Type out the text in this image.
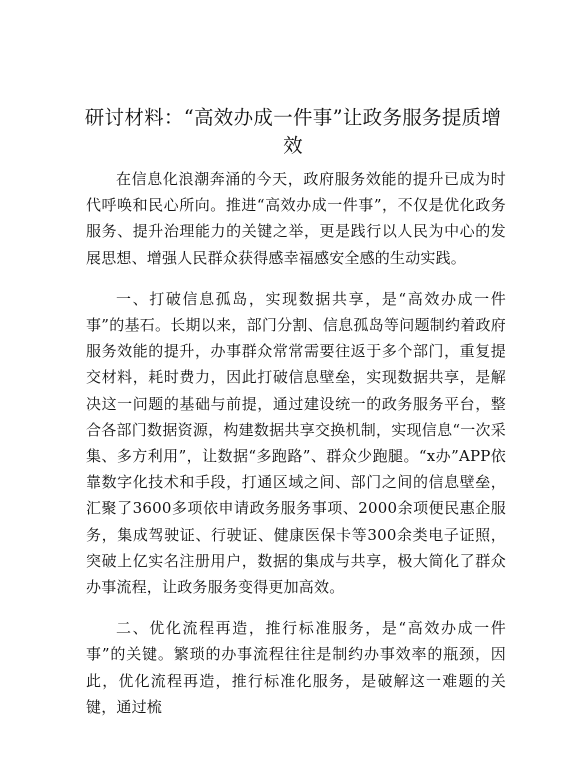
研讨材料：“高效办成一件事”让政务服务提质增效

在信息化浪潮奔涌的今天，政府服务效能的提升已成为时代呼唤和民心所向。推进“高效办成一件事”，不仅是优化政务服务、提升治理能力的关键之举，更是践行以人民为中心的发展思想、增强人民群众获得感幸福感安全感的生动实践。

一、打破信息孤岛，实现数据共享，是“高效办成一件事”的基石。长期以来，部门分割、信息孤岛等问题制约着政府服务效能的提升，办事群众常常需要往返于多个部门，重复提交材料，耗时费力，因此打破信息壁垒，实现数据共享，是解决这一问题的基础与前提，通过建设统一的政务服务平台，整合各部门数据资源，构建数据共享交换机制，实现信息“一次采集、多方利用”，让数据“多跑路”、群众少跑腿。“x办”APP依靠数字化技术和手段，打通区域之间、部门之间的信息壁垒，汇聚了3600多项依申请政务服务事项、2000余项便民惠企服务，集成驾驶证、行驶证、健康医保卡等300余类电子证照，突破上亿实名注册用户，数据的集成与共享，极大简化了群众办事流程，让政务服务变得更加高效。

二、优化流程再造，推行标准服务，是“高效办成一件事”的关键。繁琐的办事流程往往是制约办事效率的瓶颈，因此，优化流程再造，推行标准化服务，是破解这一难题的关键，通过梳
